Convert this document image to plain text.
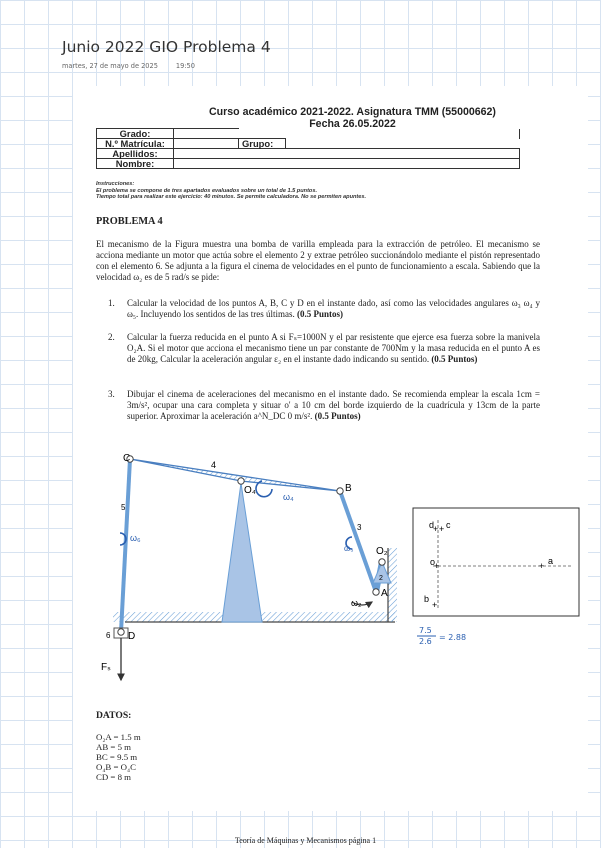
Junio 2022 GIO Problema 4
martes, 27 de mayo de 2025	19:50
Curso académico 2021-2022. Asignatura TMM (55000662)
Fecha 26.05.2022
Grado:			
N.º Matrícula:		Grupo:	
Apellidos:			
Nombre:			
Instrucciones:
El problema se compone de tres apartados evaluados sobre un total de 1.5 puntos.
Tiempo total para realizar este ejercicio: 40 minutos. Se permite calculadora. No se permiten apuntes.
PROBLEMA 4
El mecanismo de la Figura muestra una bomba de varilla empleada para la extracción de petróleo. El mecanismo se acciona mediante un motor que actúa sobre el elemento 2 y extrae petróleo succionándolo mediante el pistón representado con el elemento 6. Se adjunta a la figura el cinema de velocidades en el punto de funcionamiento a escala. Sabiendo que la velocidad ω₂ es de 5 rad/s se pide:
1.	Calcular la velocidad de los puntos A, B, C y D en el instante dado, así como las velocidades angulares ω₃ ω₄ y ω₅. Incluyendo los sentidos de las tres últimas. (0.5 Puntos)
2.	Calcular la fuerza reducida en el punto A si Fₛ=1000N y el par resistente que ejerce esa fuerza sobre la manivela O₂A. Si el motor que acciona el mecanismo tiene un par constante de 700Nm y la masa reducida en el punto A es de 20kg, Calcular la aceleración angular ε₂ en el instante dado indicando su sentido. (0.5 Puntos)
3.	Dibujar el cinema de aceleraciones del mecanismo en el instante dado. Se recomienda emplear la escala 1cm = 3m/s², ocupar una cara completa y situar o' a 10 cm del borde izquierdo de la cuadrícula y 13cm de la parte superior. Aproximar la aceleración a^N_DC 0 m/s². (0.5 Puntos)
DATOS:
O₂A = 1.5 m
AB = 5 m
BC = 9.5 m
O₄B = O₄C
CD = 8 m
C
O₄	B
O₂
A
D
Fₛ
4
5
3
2
6
ω₆
ω₄
ω₃
ω₂
d c
o	a
b
+ +
+	+
+
7.5
2.6 = 2.88
Teoría de Máquinas y Mecanismos página 1
